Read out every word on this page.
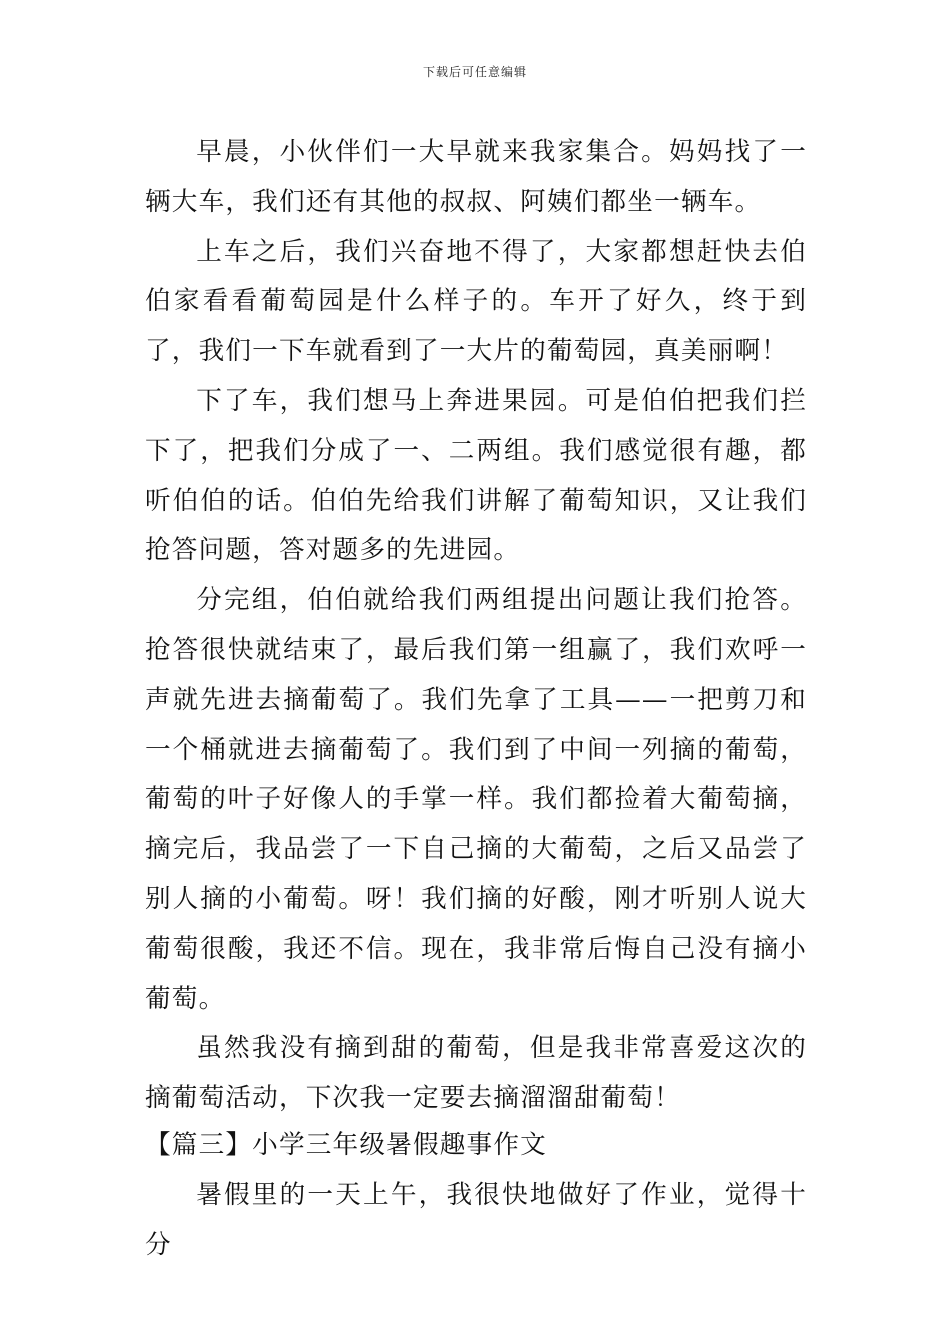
下载后可任意编辑

早晨，小伙伴们一大早就来我家集合。妈妈找了一辆大车，我们还有其他的叔叔、阿姨们都坐一辆车。

上车之后，我们兴奋地不得了，大家都想赶快去伯伯家看看葡萄园是什么样子的。车开了好久，终于到了，我们一下车就看到了一大片的葡萄园，真美丽啊！

下了车，我们想马上奔进果园。可是伯伯把我们拦下了，把我们分成了一、二两组。我们感觉很有趣，都听伯伯的话。伯伯先给我们讲解了葡萄知识，又让我们抢答问题，答对题多的先进园。

分完组，伯伯就给我们两组提出问题让我们抢答。抢答很快就结束了，最后我们第一组赢了，我们欢呼一声就先进去摘葡萄了。我们先拿了工具——一把剪刀和一个桶就进去摘葡萄了。我们到了中间一列摘的葡萄，葡萄的叶子好像人的手掌一样。我们都捡着大葡萄摘，摘完后，我品尝了一下自己摘的大葡萄，之后又品尝了别人摘的小葡萄。呀！我们摘的好酸，刚才听别人说大葡萄很酸，我还不信。现在，我非常后悔自己没有摘小葡萄。

虽然我没有摘到甜的葡萄，但是我非常喜爱这次的摘葡萄活动，下次我一定要去摘溜溜甜葡萄！

【篇三】小学三年级暑假趣事作文

暑假里的一天上午，我很快地做好了作业，觉得十分
